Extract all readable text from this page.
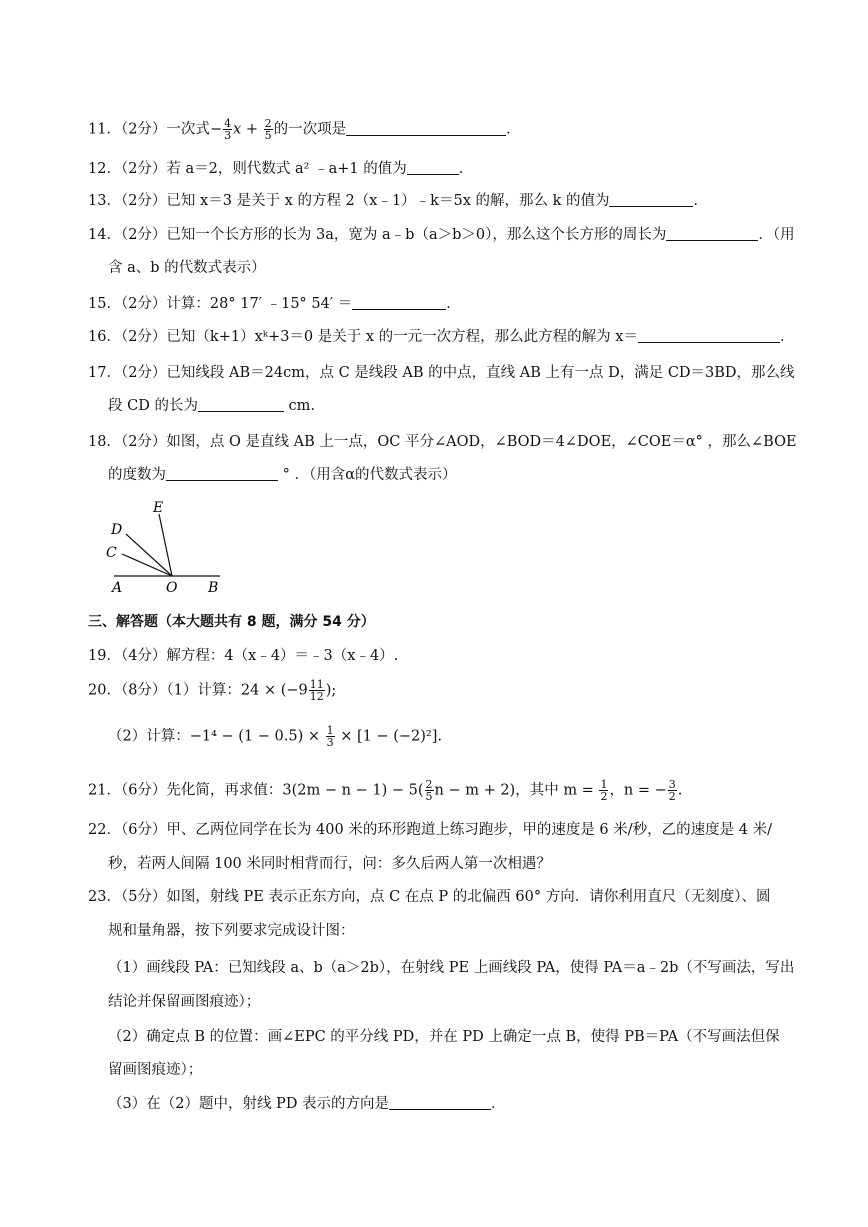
11．（2分）一次式− $\frac{4}{3}$ $x + \frac{2}{5}$ 的一次项是	．
12．（2分）若 a＝2，则代数式 a² ﹣a+1 的值为	．
13．（2分）已知 x＝3 是关于 x 的方程 2（x﹣1）﹣k＝5x 的解，那么 k 的值为	．
14．（2分）已知一个长方形的长为 3a，宽为 a﹣b（a＞b＞0），那么这个长方形的周长为	．（用
含 a、b 的代数式表示）
15．（2分）计算：28° 17′ ﹣15° 54′ ＝	．
16．（2分）已知（k+1）xᵏ+3＝0 是关于 x 的一元一次方程，那么此方程的解为 x＝	．
17．（2分）已知线段 AB＝24cm，点 C 是线段 AB 的中点，直线 AB 上有一点 D，满足 CD＝3BD，那么线
段 CD 的长为	cm.
18．（2分）如图，点 O 是直线 AB 上一点，OC 平分∠AOD，∠BOD＝4∠DOE，∠COE＝α° ，那么∠BOE
的度数为	° ．（用含α的代数式表示）
E
D
C
A	O B
三、解答题（本大题共有 8 题，满分 54 分）
19．（4分）解方程：4（x﹣4）＝﹣3（x﹣4）.
20．（8分）（1）计算：$24 \times (-9 \frac{11}{12}$ );
（2）计算：$-1^4 - (1 - 0.5) \times \frac{1}{3} \times [1 - (-2)^2]$.
21．（6分）先化简，再求值：$3(2m - n - 1) - 5( \frac{2}{5}$ n − m + 2)，其中 $m = \frac{1}{2}$ ，n = − $\frac{3}{2}$ .
22．（6分）甲、乙两位同学在长为 400 米的环形跑道上练习跑步，甲的速度是 6 米/秒，乙的速度是 4 米/
秒，若两人间隔 100 米同时相背而行，问：多久后两人第一次相遇？
23．（5分）如图，射线 PE 表示正东方向，点 C 在点 P 的北偏西 60° 方向．请你利用直尺（无刻度）、圆
规和量角器，按下列要求完成设计图：
（1）画线段 PA：已知线段 a、b（a＞2b），在射线 PE 上画线段 PA，使得 PA＝a﹣2b（不写画法，写出
结论并保留画图痕迹）；
（2）确定点 B 的位置：画∠EPC 的平分线 PD，并在 PD 上确定一点 B，使得 PB＝PA（不写画法但保
留画图痕迹）；
（3）在（2）题中，射线 PD 表示的方向是	．
